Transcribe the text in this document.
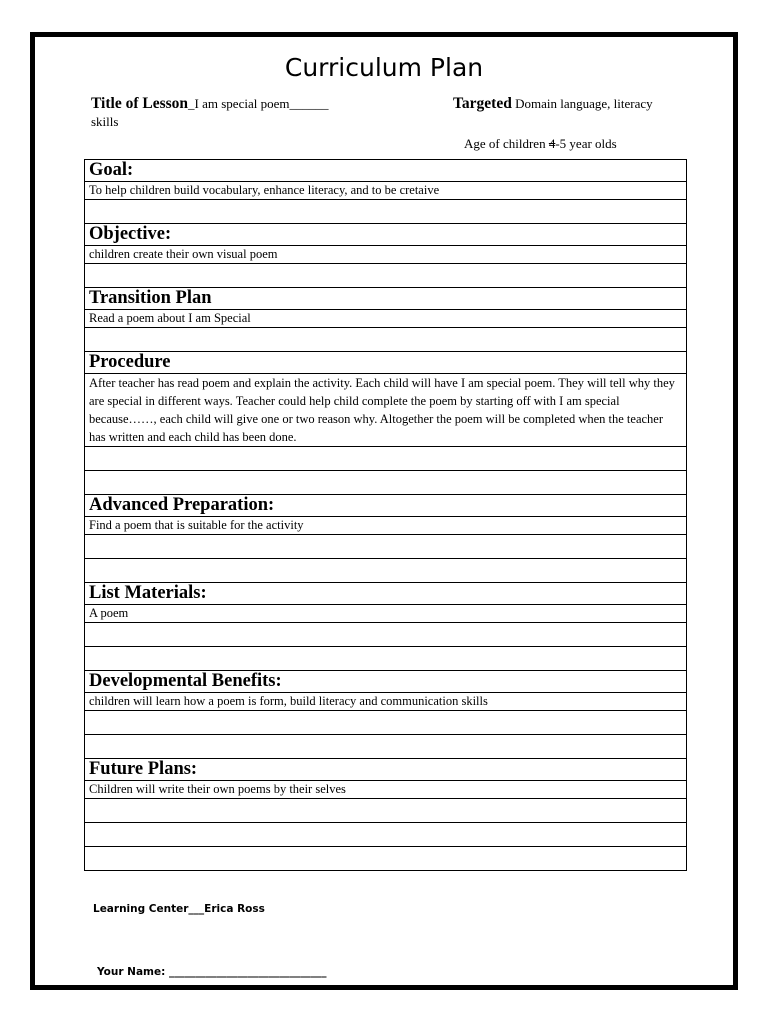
Curriculum Plan
Title of Lesson_I am special poem______
skills
Targeted Domain language, literacy
Age of children 4-5 year olds
Goal:
To help children build vocabulary, enhance literacy, and to be cretaive

Objective:
children create their own visual poem

Transition Plan
Read a poem about I am Special

Procedure
After teacher has read poem and explain the activity. Each child will have I am special poem. They will tell why they are special in different ways. Teacher could help child complete the poem by starting off with I am special because……, each child will give one or two reason why. Altogether the poem will be completed when the teacher has written and each child has been done.

Advanced Preparation:
Find a poem that is suitable for the activity

List Materials:
A poem

Developmental Benefits:
children will learn how a poem is form, build literacy and communication skills

Future Plans:
Children will write their own poems by their selves

Learning Center___Erica Ross
Your Name: ______________________________
